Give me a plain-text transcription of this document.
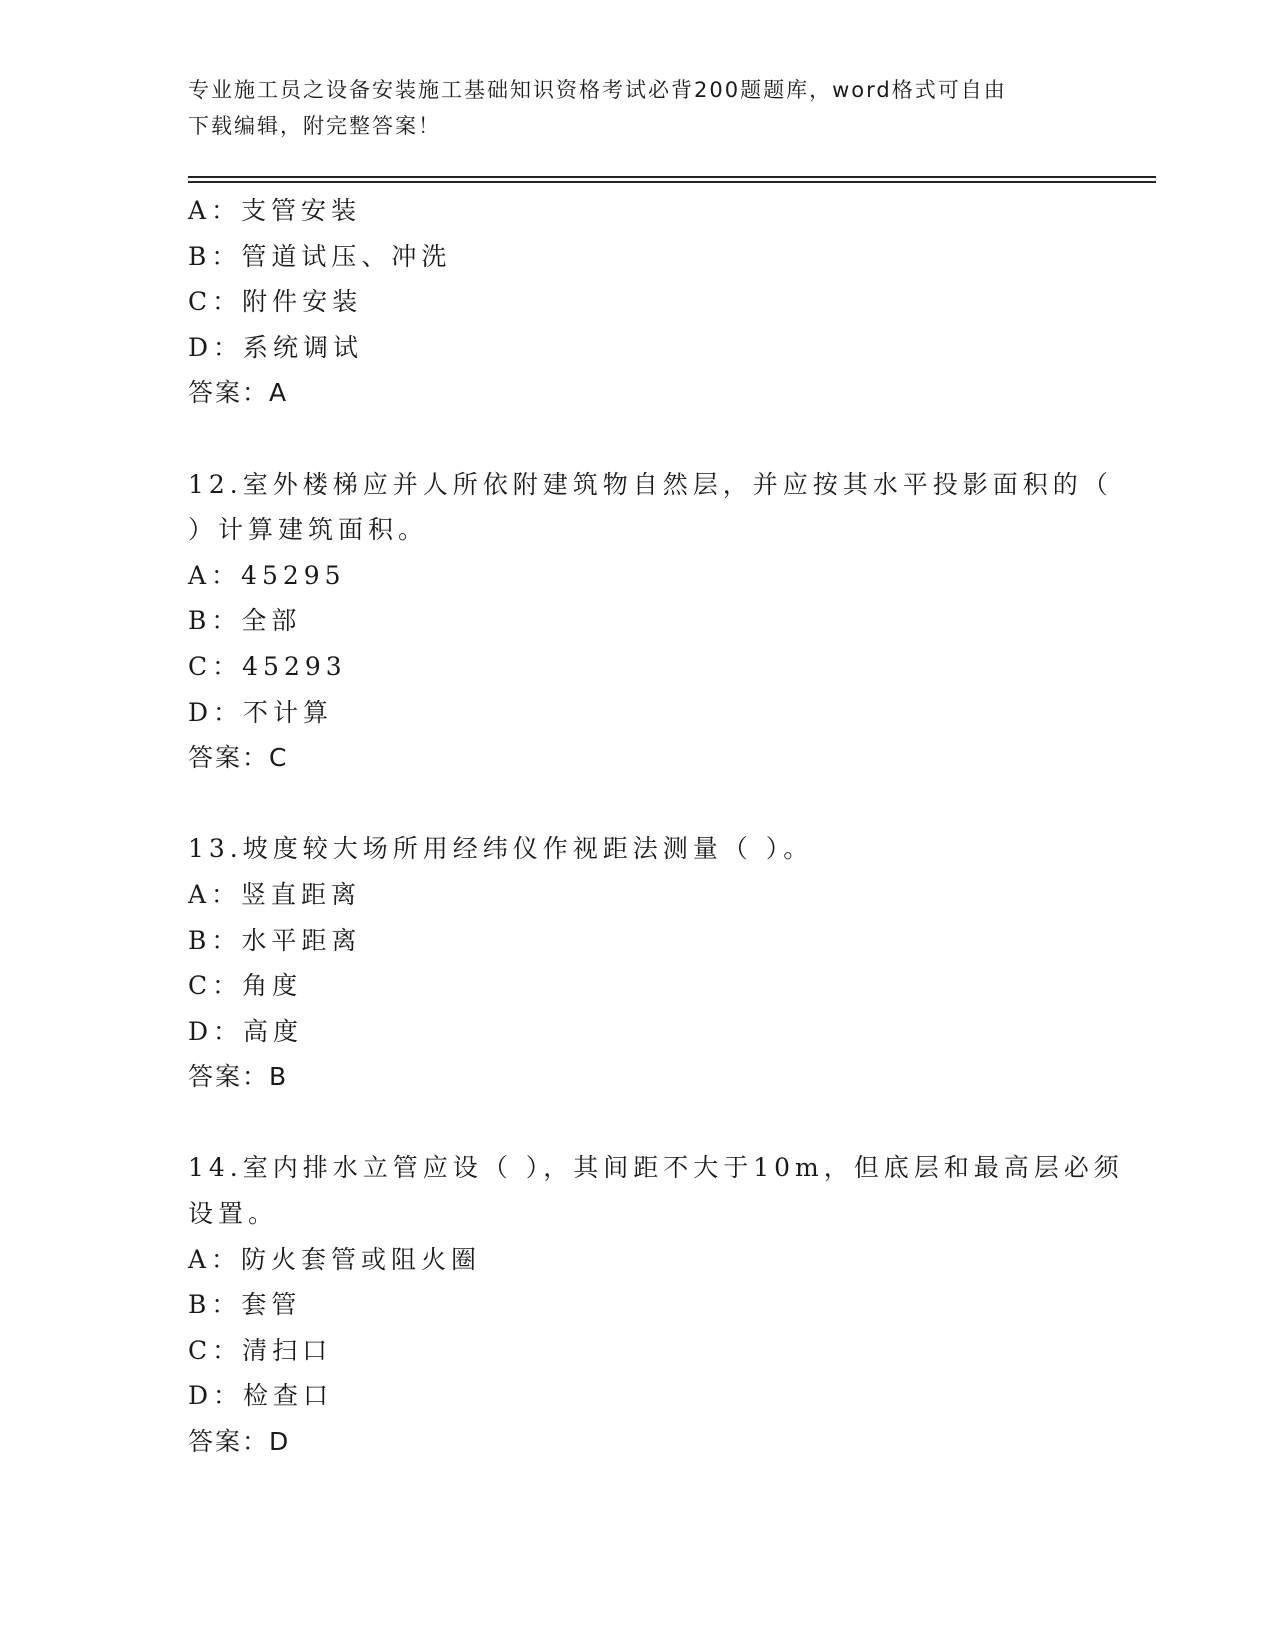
专业施工员之设备安装施工基础知识资格考试必背200题题库，word格式可自由
下载编辑，附完整答案！
A：支管安装
B：管道试压、冲洗
C：附件安装
D：系统调试
答案：A
12.室外楼梯应并人所依附建筑物自然层，并应按其水平投影面积的（
）计算建筑面积。
A：45295
B：全部
C：45293
D：不计算
答案：C
13.坡度较大场所用经纬仪作视距法测量（ ）。
A：竖直距离
B：水平距离
C：角度
D：高度
答案：B
14.室内排水立管应设（ ），其间距不大于10m，但底层和最高层必须
设置。
A：防火套管或阻火圈
B：套管
C：清扫口
D：检查口
答案：D
